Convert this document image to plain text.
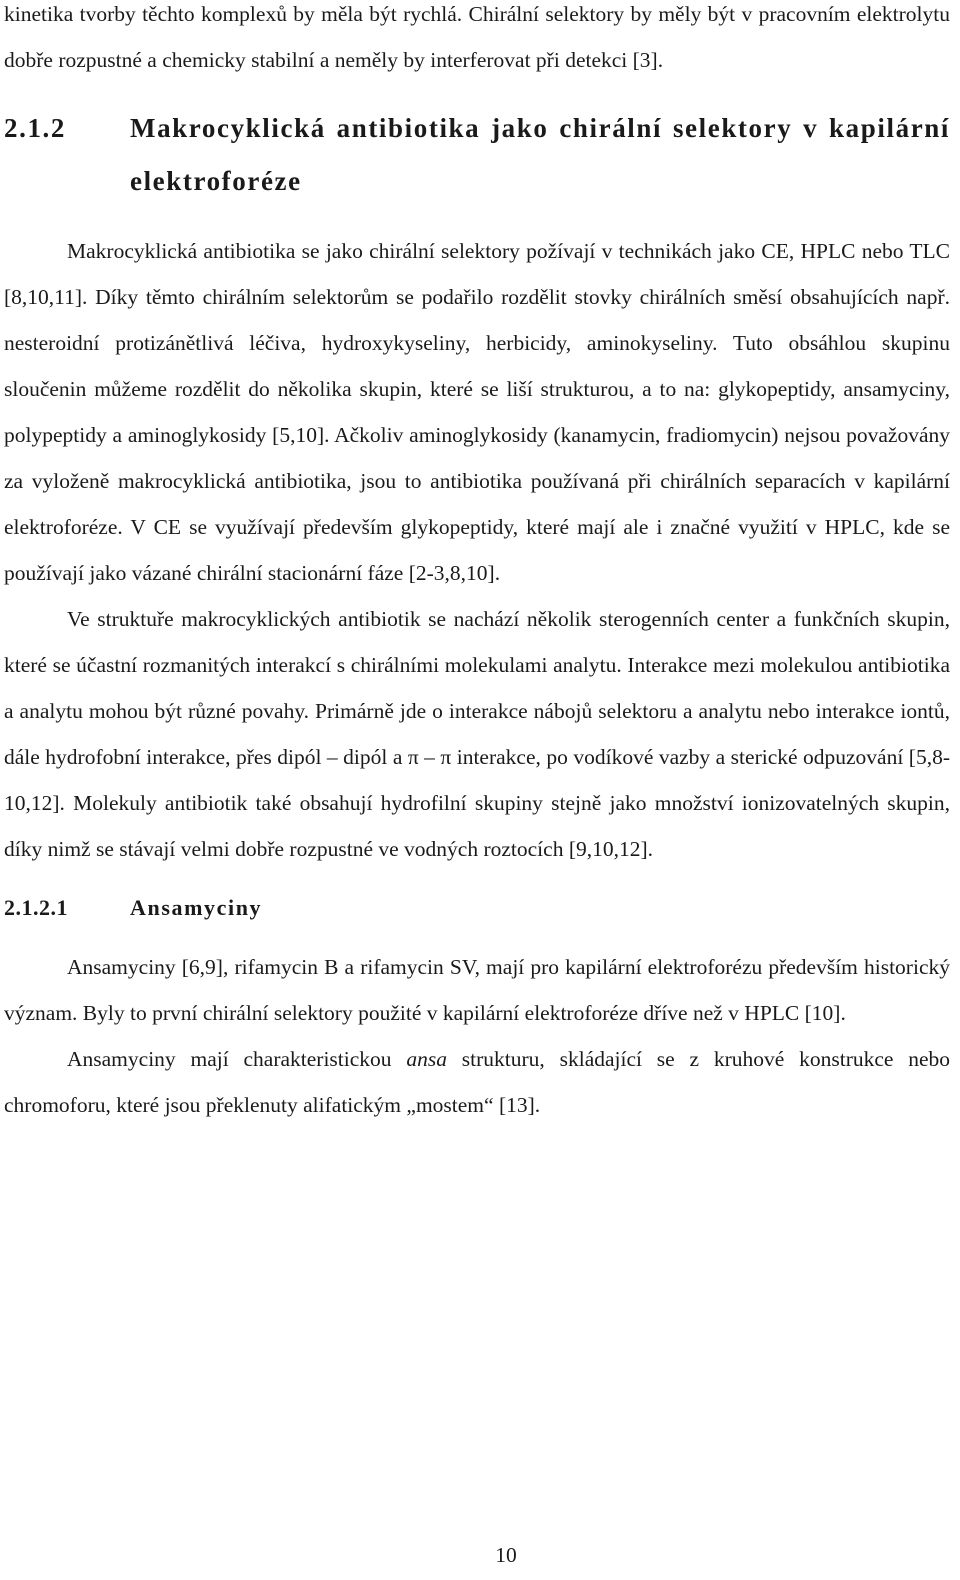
kinetika tvorby těchto komplexů by měla být rychlá. Chirální selektory by měly být v pracovním elektrolytu dobře rozpustné a chemicky stabilní a neměly by interferovat při detekci [3].

2.1.2	Makrocyklická antibiotika jako chirální selektory v kapilární elektroforéze

Makrocyklická antibiotika se jako chirální selektory požívají v technikách jako CE, HPLC nebo TLC [8,10,11]. Díky těmto chirálním selektorům se podařilo rozdělit stovky chirálních směsí obsahujících např. nesteroidní protizánětlivá léčiva, hydroxykyseliny, herbicidy, aminokyseliny. Tuto obsáhlou skupinu sloučenin můžeme rozdělit do několika skupin, které se liší strukturou, a to na: glykopeptidy, ansamyciny, polypeptidy a aminoglykosidy [5,10]. Ačkoliv aminoglykosidy (kanamycin, fradiomycin) nejsou považovány za vyloženě makrocyklická antibiotika, jsou to antibiotika používaná při chirálních separacích v kapilární elektroforéze. V CE se využívají především glykopeptidy, které mají ale i značné využití v HPLC, kde se používají jako vázané chirální stacionární fáze [2-3,8,10].

Ve struktuře makrocyklických antibiotik se nachází několik sterogenních center a funkčních skupin, které se účastní rozmanitých interakcí s chirálními molekulami analytu. Interakce mezi molekulou antibiotika a analytu mohou být různé povahy. Primárně jde o interakce nábojů selektoru a analytu nebo interakce iontů, dále hydrofobní interakce, přes dipól – dipól a π – π interakce, po vodíkové vazby a sterické odpuzování [5,8-10,12]. Molekuly antibiotik také obsahují hydrofilní skupiny stejně jako množství ionizovatelných skupin, díky nimž se stávají velmi dobře rozpustné ve vodných roztocích [9,10,12].

2.1.2.1	Ansamyciny

Ansamyciny [6,9], rifamycin B a rifamycin SV, mají pro kapilární elektroforézu především historický význam. Byly to první chirální selektory použité v kapilární elektroforéze dříve než v HPLC [10].

Ansamyciny mají charakteristickou ansa strukturu, skládající se z kruhové konstrukce nebo chromoforu, které jsou překlenuty alifatickým „mostem“ [13].

10
